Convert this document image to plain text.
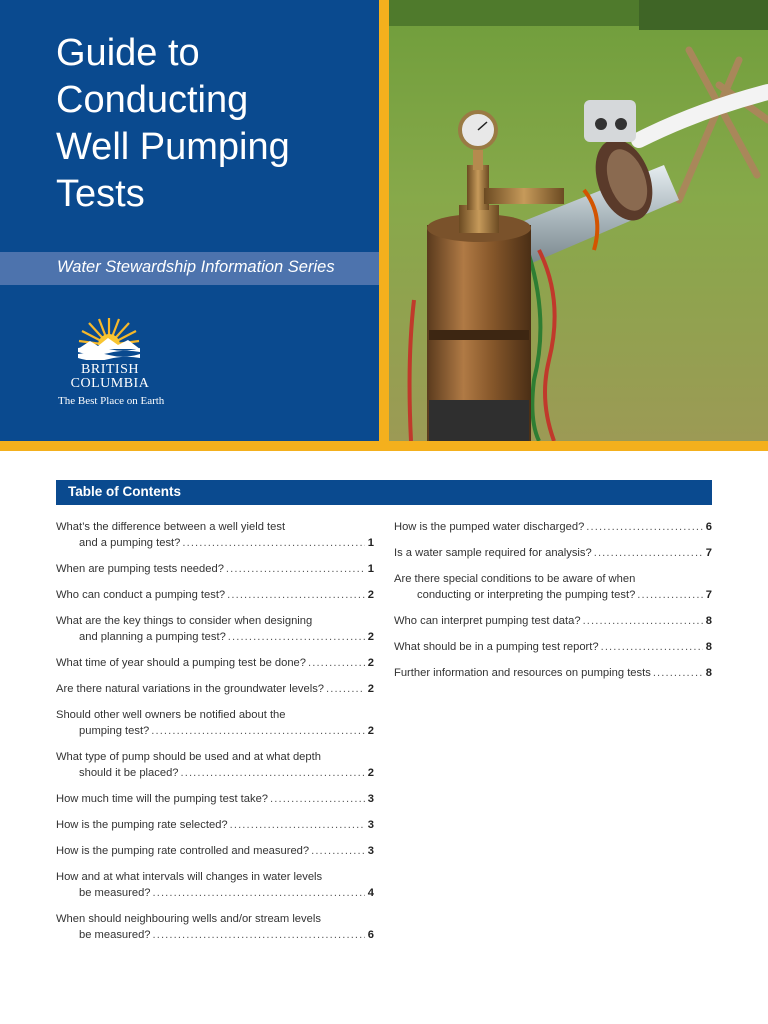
Guide to
Conducting
Well Pumping
Tests
Water Stewardship Information Series
BRITISH
COLUMBIA
The Best Place on Earth
Table of Contents
What’s the difference between a well yield test
and a pumping test? . . .	1
When are pumping tests needed? . . .	1
Who can conduct a pumping test? . . .	2
What are the key things to consider when designing
and planning a pumping test? . . .	2
What time of year should a pumping test be done? . . .	2
Are there natural variations in the groundwater levels? . . .	2
Should other well owners be notified about the
pumping test? . . .	2
What type of pump should be used and at what depth
should it be placed? . . .	2
How much time will the pumping test take? . . .	3
How is the pumping rate selected? . . .	3
How is the pumping rate controlled and measured? . . .	3
How and at what intervals will changes in water levels
be measured? . . .	4
When should neighbouring wells and/or stream levels
be measured? . . .	6
How is the pumped water discharged? . . .	6
Is a water sample required for analysis? . . .	7
Are there special conditions to be aware of when
conducting or interpreting the pumping test? . . .	7
Who can interpret pumping test data? . . .	8
What should be in a pumping test report? . . .	8
Further information and resources on pumping tests . . .	8
